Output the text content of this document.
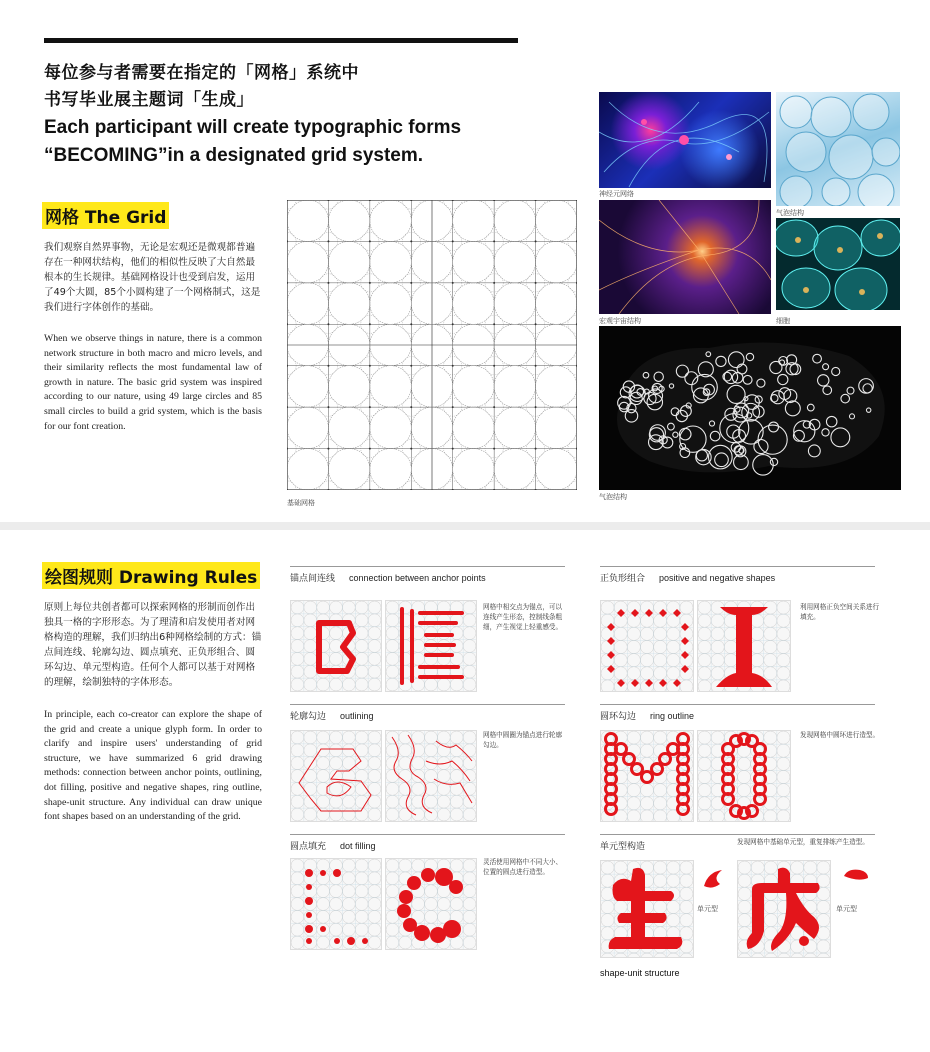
每位参与者需要在指定的「网格」系统中
书写毕业展主题词「生成」
Each participant will create typographic forms
“BECOMING”in a designated grid system.
网格 The Grid
我们观察自然界事物，无论是宏观还是微观都普遍存在一种网状结构，他们的相似性反映了大自然最根本的生长规律。基础网格设计也受到启发，运用了49个大圆，85个小圆构建了一个网格制式，这是我们进行字体创作的基础。
When we observe things in nature, there is a common network structure in both macro and micro levels, and their similarity reflects the most fundamental law of growth in nature. The basic grid system was inspired according to our nature, using 49 large circles and 85 small circles to build a grid system, which is the basis for our font creation.
基础网格
神经元网络
气泡结构
宏观宇宙结构	细胞
气泡结构
绘图规则 Drawing Rules
原则上每位共创者都可以探索网格的形制而创作出独具一格的字形形态。为了理清和启发使用者对网格构造的理解，我们归纳出6种网格绘制的方式：锚点间连线、轮廓勾边、圆点填充、正负形组合、圆环勾边、单元型构造。任何个人都可以基于对网格的理解，绘制独特的字体形态。
In principle, each co-creator can explore the shape of the grid and create a unique glyph form. In order to clarify and inspire users' understanding of grid structure, we have summarized 6 grid drawing methods: connection between anchor points, outlining, dot filling, positive and negative shapes, ring outline, shape-unit structure. Any individual can draw unique font shapes based on an understanding of the grid.
锚点间连线 connection between anchor points
轮廓勾边 outlining
圆点填充 dot filling
正负形组合 positive and negative shapes
圆环勾边 ring outline
单元型构造
网格中相交点为锚点，可以连线产生形态，控制线条粗细，产生视觉上轻重感受。
网格中圆圈为锚点进行轮廓勾边。
灵活使用网格中不同大小、位置的圆点进行造型。
利用网格正负空间关系进行填充。
发现网格中圆环进行造型。
发现网格中基础单元型，重复排练产生造型。
单元型	单元型
shape-unit structure
